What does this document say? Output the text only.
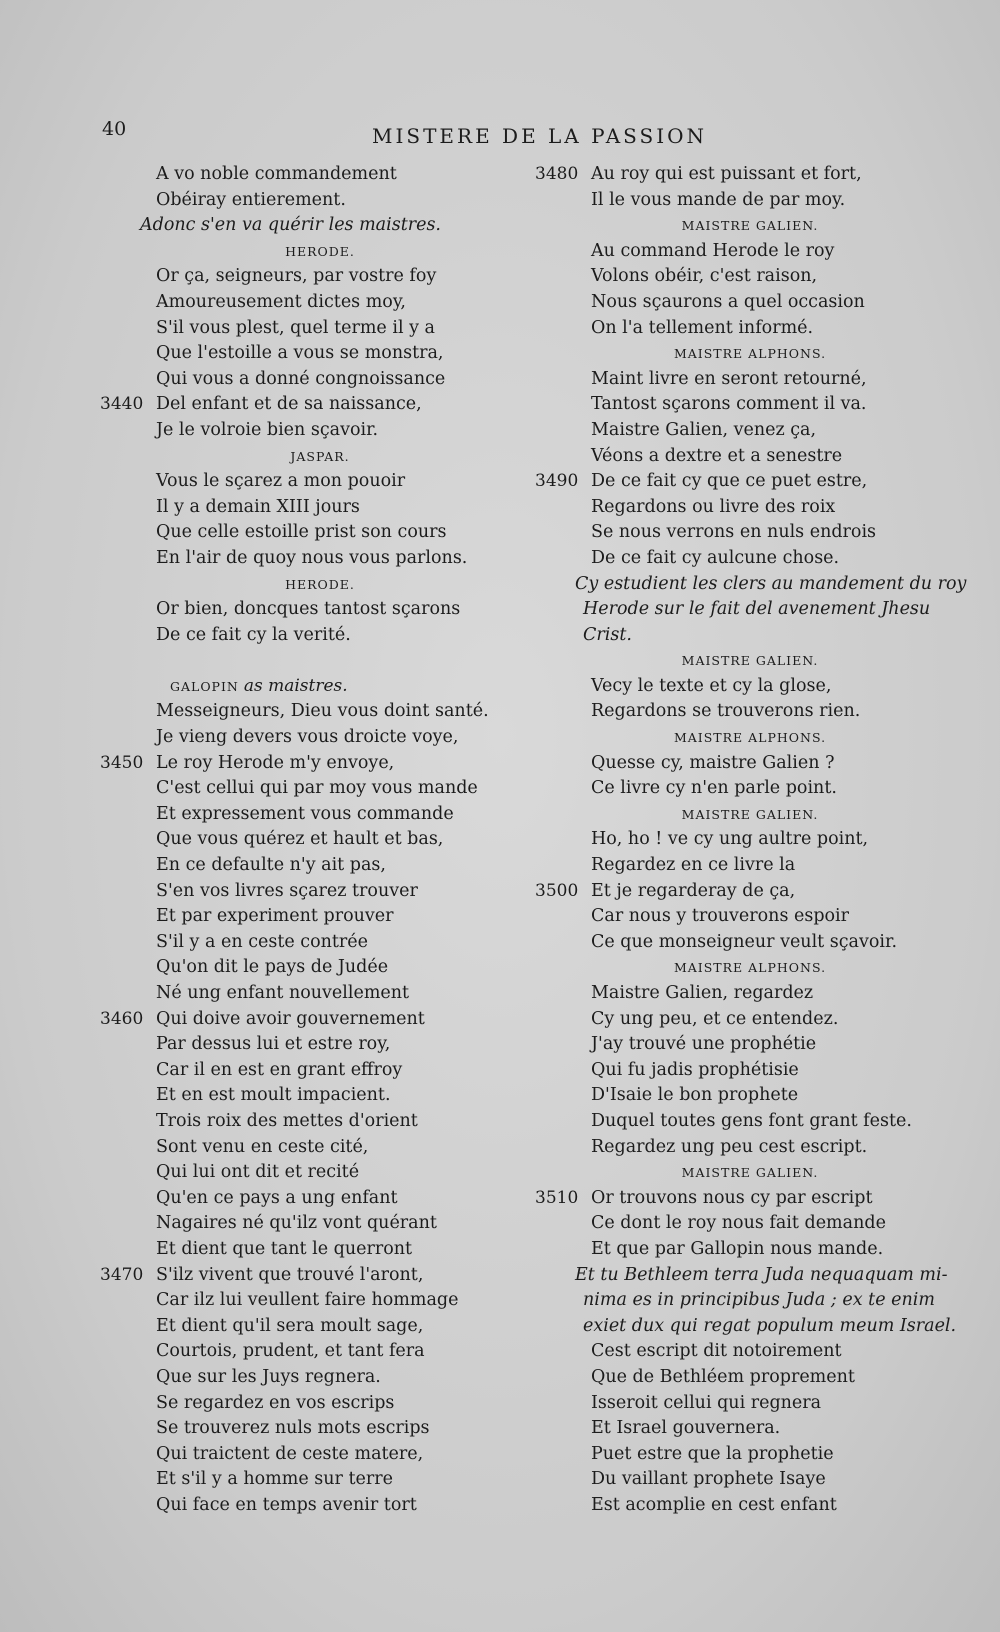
40	MISTERE DE LA PASSION
A vo noble commandement
Obéiray entierement.
Adonc s'en va quérir les maistres.
HERODE.
Or ça, seigneurs, par vostre foy
Amoureusement dictes moy,
S'il vous plest, quel terme il y a
Que l'estoille a vous se monstra,
Qui vous a donné congnoissance
3440 Del enfant et de sa naissance,
Je le volroie bien sçavoir.
JASPAR.
Vous le sçarez a mon pouoir
Il y a demain XIII jours
Que celle estoille prist son cours
En l'air de quoy nous vous parlons.
HERODE.
Or bien, doncques tantost sçarons
De ce fait cy la verité.
GALOPIN as maistres.
Messeigneurs, Dieu vous doint santé.
Je vieng devers vous droicte voye,
3450 Le roy Herode m'y envoye,
C'est cellui qui par moy vous mande
Et expressement vous commande
Que vous quérez et hault et bas,
En ce defaulte n'y ait pas,
S'en vos livres sçarez trouver
Et par experiment prouver
S'il y a en ceste contrée
Qu'on dit le pays de Judée
Né ung enfant nouvellement
3460 Qui doive avoir gouvernement
Par dessus lui et estre roy,
Car il en est en grant effroy
Et en est moult impacient.
Trois roix des mettes d'orient
Sont venu en ceste cité,
Qui lui ont dit et recité
Qu'en ce pays a ung enfant
Nagaires né qu'ilz vont quérant
Et dient que tant le querront
3470 S'ilz vivent que trouvé l'aront,
Car ilz lui veullent faire hommage
Et dient qu'il sera moult sage,
Courtois, prudent, et tant fera
Que sur les Juys regnera.
Se regardez en vos escrips
Se trouverez nuls mots escrips
Qui traictent de ceste matere,
Et s'il y a homme sur terre
Qui face en temps avenir tort
3480 Au roy qui est puissant et fort,
Il le vous mande de par moy.
MAISTRE GALIEN.
Au command Herode le roy
Volons obéir, c'est raison,
Nous sçaurons a quel occasion
On l'a tellement informé.
MAISTRE ALPHONS.
Maint livre en seront retourné,
Tantost sçarons comment il va.
Maistre Galien, venez ça,
Véons a dextre et a senestre
3490 De ce fait cy que ce puet estre,
Regardons ou livre des roix
Se nous verrons en nuls endrois
De ce fait cy aulcune chose.
Cy estudient les clers au mandement du roy
Herode sur le fait del avenement Jhesu
Crist.
MAISTRE GALIEN.
Vecy le texte et cy la glose,
Regardons se trouverons rien.
MAISTRE ALPHONS.
Quesse cy, maistre Galien ?
Ce livre cy n'en parle point.
MAISTRE GALIEN.
Ho, ho ! ve cy ung aultre point,
Regardez en ce livre la
3500 Et je regarderay de ça,
Car nous y trouverons espoir
Ce que monseigneur veult sçavoir.
MAISTRE ALPHONS.
Maistre Galien, regardez
Cy ung peu, et ce entendez.
J'ay trouvé une prophétie
Qui fu jadis prophétisie
D'Isaie le bon prophete
Duquel toutes gens font grant feste.
Regardez ung peu cest escript.
MAISTRE GALIEN.
3510 Or trouvons nous cy par escript
Ce dont le roy nous fait demande
Et que par Gallopin nous mande.
Et tu Bethleem terra Juda nequaquam mi-
nima es in principibus Juda ; ex te enim
exiet dux qui regat populum meum Israel.
Cest escript dit notoirement
Que de Bethléem proprement
Isseroit cellui qui regnera
Et Israel gouvernera.
Puet estre que la prophetie
Du vaillant prophete Isaye
Est acomplie en cest enfant
